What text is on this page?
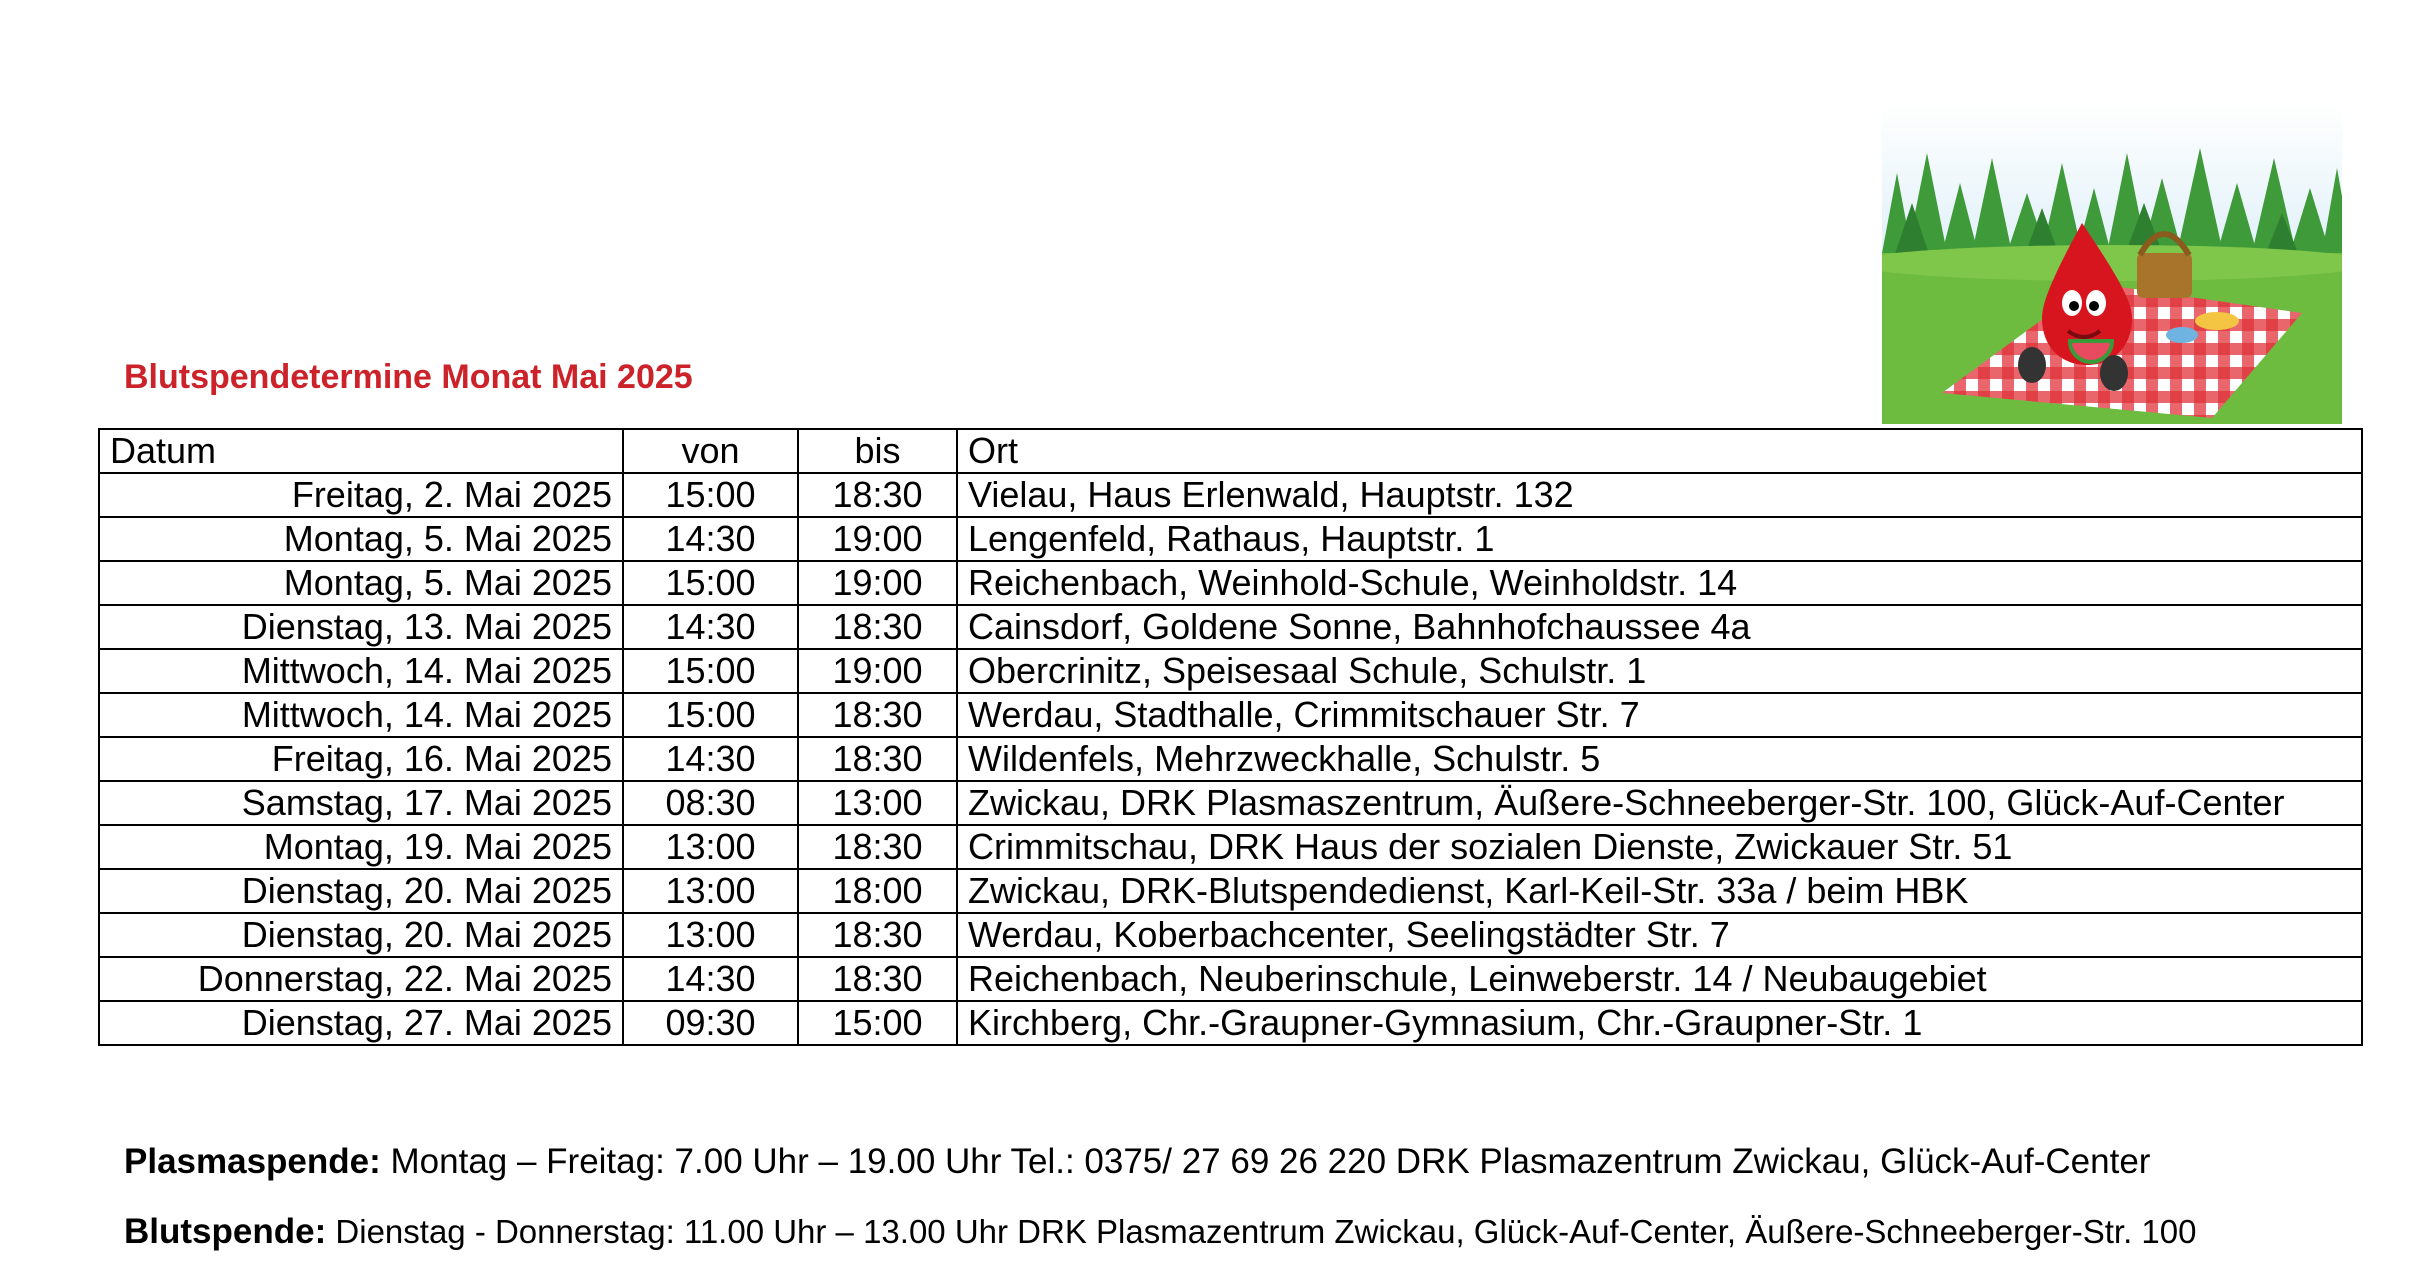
Blutspendetermine Monat Mai 2025
Datum	von	bis	Ort
Freitag, 2. Mai 2025	15:00	18:30	Vielau, Haus Erlenwald, Hauptstr. 132
Montag, 5. Mai 2025	14:30	19:00	Lengenfeld, Rathaus, Hauptstr. 1
Montag, 5. Mai 2025	15:00	19:00	Reichenbach, Weinhold-Schule, Weinholdstr. 14
Dienstag, 13. Mai 2025	14:30	18:30	Cainsdorf, Goldene Sonne, Bahnhofchaussee 4a
Mittwoch, 14. Mai 2025	15:00	19:00	Obercrinitz, Speisesaal Schule, Schulstr. 1
Mittwoch, 14. Mai 2025	15:00	18:30	Werdau, Stadthalle, Crimmitschauer Str. 7
Freitag, 16. Mai 2025	14:30	18:30	Wildenfels, Mehrzweckhalle, Schulstr. 5
Samstag, 17. Mai 2025	08:30	13:00	Zwickau, DRK Plasmaszentrum, Äußere-Schneeberger-Str. 100, Glück-Auf-Center
Montag, 19. Mai 2025	13:00	18:30	Crimmitschau, DRK Haus der sozialen Dienste, Zwickauer Str. 51
Dienstag, 20. Mai 2025	13:00	18:00	Zwickau, DRK-Blutspendedienst, Karl-Keil-Str. 33a / beim HBK
Dienstag, 20. Mai 2025	13:00	18:30	Werdau, Koberbachcenter, Seelingstädter Str. 7
Donnerstag, 22. Mai 2025	14:30	18:30	Reichenbach, Neuberinschule, Leinweberstr. 14 / Neubaugebiet
Dienstag, 27. Mai 2025	09:30	15:00	Kirchberg, Chr.-Graupner-Gymnasium, Chr.-Graupner-Str. 1
Plasmaspende: Montag – Freitag: 7.00 Uhr – 19.00 Uhr Tel.: 0375/ 27 69 26 220 DRK Plasmazentrum Zwickau, Glück-Auf-Center
Blutspende: Dienstag - Donnerstag: 11.00 Uhr – 13.00 Uhr DRK Plasmazentrum Zwickau, Glück-Auf-Center, Äußere-Schneeberger-Str. 100
